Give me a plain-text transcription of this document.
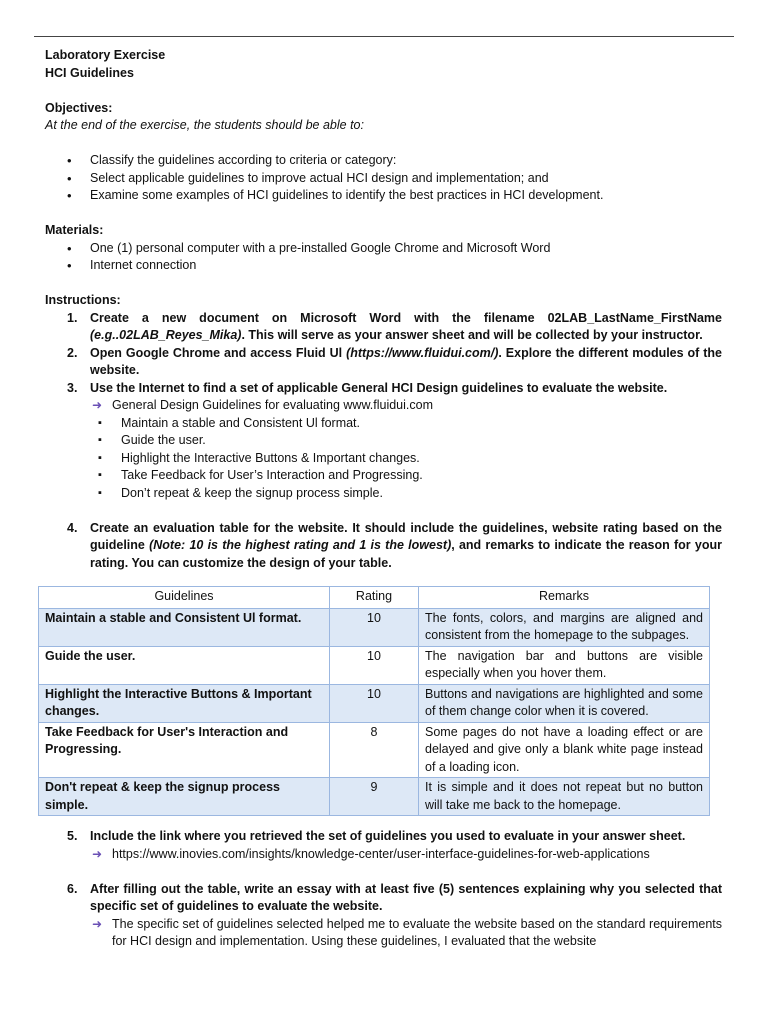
Laboratory Exercise

HCI Guidelines

Objectives:

At the end of the exercise, the students should be able to:

• Classify the guidelines according to criteria or category:
• Select applicable guidelines to improve actual HCI design and implementation; and
• Examine some examples of HCI guidelines to identify the best practices in HCI development.

Materials:

• One (1) personal computer with a pre-installed Google Chrome and Microsoft Word
• Internet connection

Instructions:

1. Create a new document on Microsoft Word with the filename 02LAB_LastName_FirstName (e.g..02LAB_Reyes_Mika). This will serve as your answer sheet and will be collected by your instructor.
2. Open Google Chrome and access Fluid Ul (https://www.fluidui.com/). Explore the different modules of the website.
3. Use the Internet to find a set of applicable General HCI Design guidelines to evaluate the website.
➜ General Design Guidelines for evaluating www.fluidui.com
▪ Maintain a stable and Consistent Ul format.
▪ Guide the user.
▪ Highlight the Interactive Buttons & Important changes.
▪ Take Feedback for User’s Interaction and Progressing.
▪ Don’t repeat & keep the signup process simple.
4. Create an evaluation table for the website. It should include the guidelines, website rating based on the guideline (Note: 10 is the highest rating and 1 is the lowest), and remarks to indicate the reason for your rating. You can customize the design of your table.
Guidelines	Rating	Remarks
Maintain a stable and Consistent Ul format.	10	The fonts, colors, and margins are aligned and consistent from the homepage to the subpages.
Guide the user.	10	The navigation bar and buttons are visible especially when you hover them.
Highlight the Interactive Buttons & Important changes.	10	Buttons and navigations are highlighted and some of them change color when it is covered.
Take Feedback for User's Interaction and Progressing.	8	Some pages do not have a loading effect or are delayed and give only a blank white page instead of a loading icon.
Don't repeat & keep the signup process simple.	9	It is simple and it does not repeat but no button will take me back to the homepage.
5. Include the link where you retrieved the set of guidelines you used to evaluate in your answer sheet.
➜ https://www.inovies.com/insights/knowledge-center/user-interface-guidelines-for-web-applications
6. After filling out the table, write an essay with at least five (5) sentences explaining why you selected that specific set of guidelines to evaluate the website.
➜ The specific set of guidelines selected helped me to evaluate the website based on the standard requirements for HCI design and implementation. Using these guidelines, I evaluated that the website
